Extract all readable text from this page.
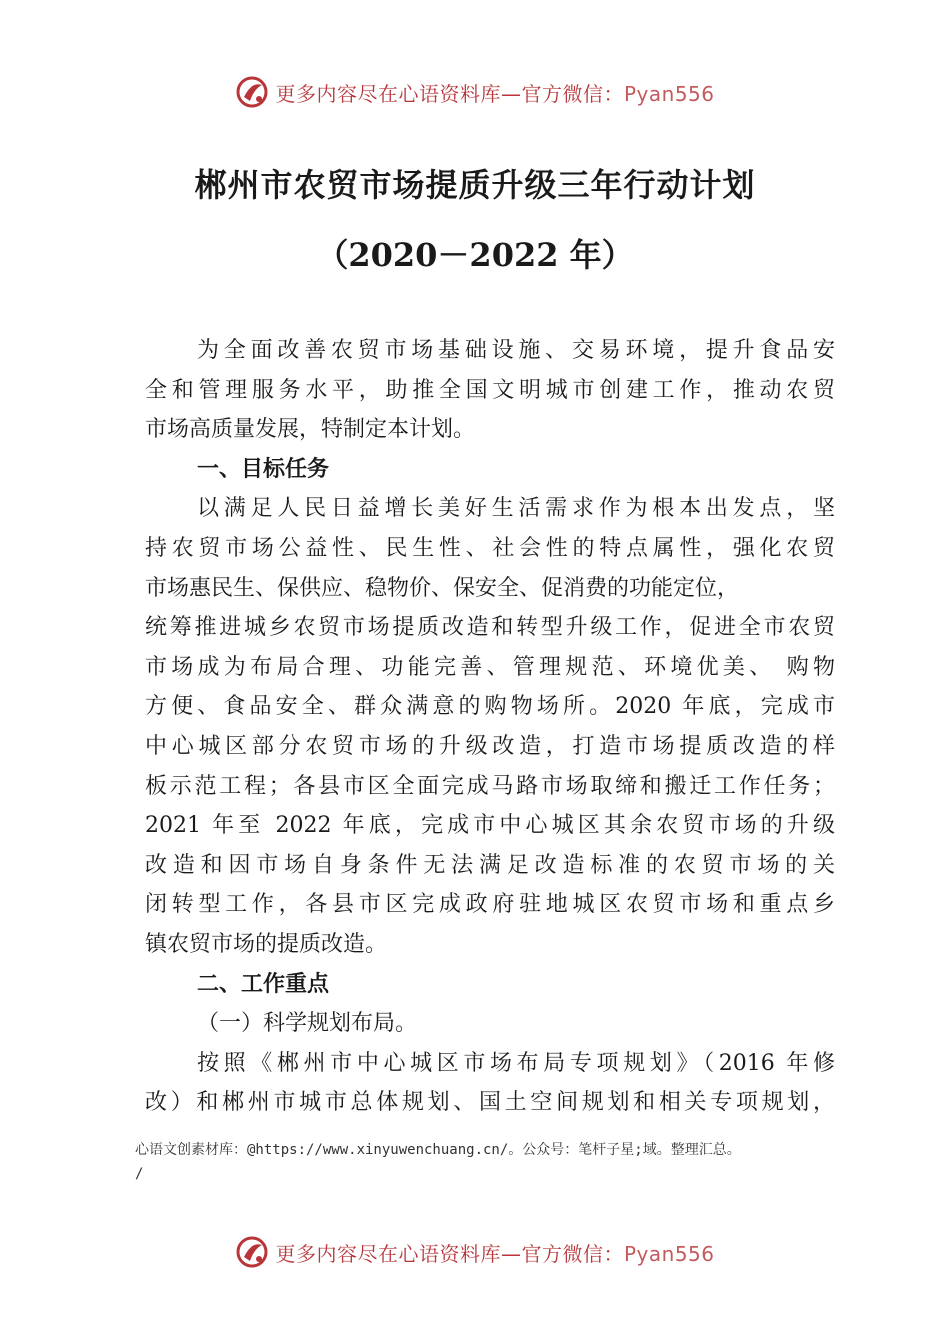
更多内容尽在心语资料库—官方微信：Pyan556
郴州市农贸市场提质升级三年行动计划
（2020－2022 年）
为全面改善农贸市场基础设施、交易环境，提升食品安
全和管理服务水平，助推全国文明城市创建工作，推动农贸
市场高质量发展，特制定本计划。
一、目标任务
以满足人民日益增长美好生活需求作为根本出发点，坚
持农贸市场公益性、民生性、社会性的特点属性，强化农贸
市场惠民生、保供应、稳物价、保安全、促消费的功能定位，
统筹推进城乡农贸市场提质改造和转型升级工作，促进全市农贸
市场成为布局合理、功能完善、管理规范、环境优美、 购物
方便、食品安全、群众满意的购物场所。2020 年底，完成市
中心城区部分农贸市场的升级改造，打造市场提质改造的样
板示范工程；各县市区全面完成马路市场取缔和搬迁工作任务；
2021 年至 2022 年底，完成市中心城区其余农贸市场的升级
改造和因市场自身条件无法满足改造标准的农贸市场的关
闭转型工作，各县市区完成政府驻地城区农贸市场和重点乡
镇农贸市场的提质改造。
二、工作重点
（一）科学规划布局。
按照《郴州市中心城区市场布局专项规划》（2016 年修
改）和郴州市城市总体规划、国土空间规划和相关专项规划，
心语文创素材库：@https://www.xinyuwenchuang.cn/。公众号：笔杆子星;域。整理汇总。
/
更多内容尽在心语资料库—官方微信：Pyan556
